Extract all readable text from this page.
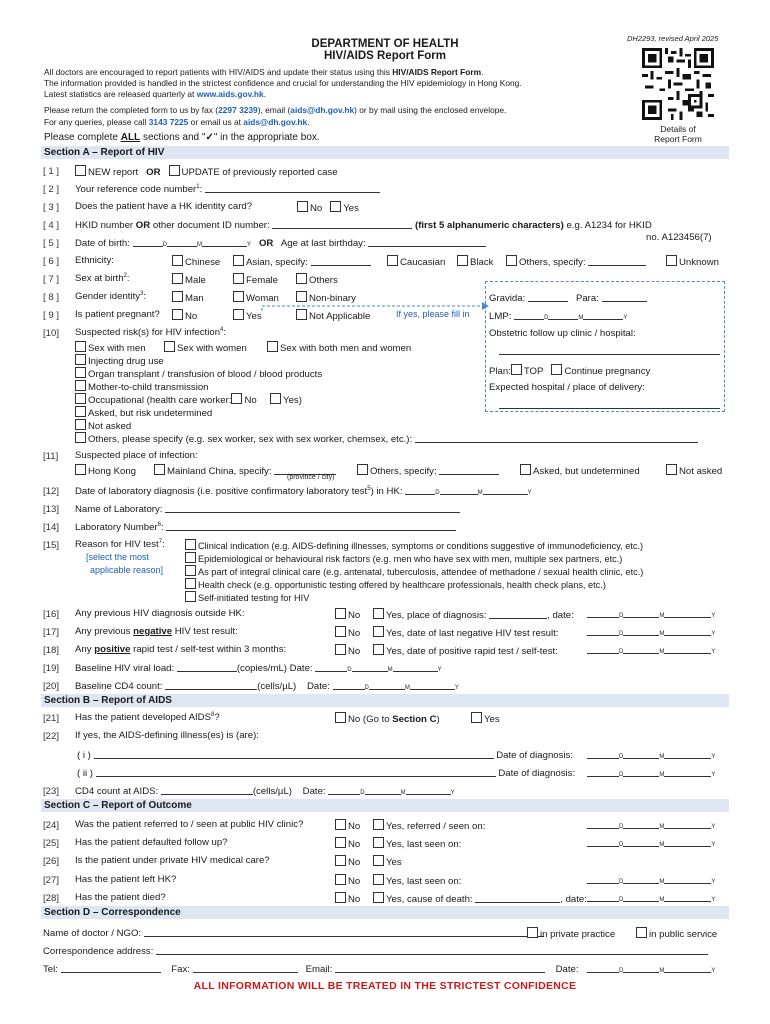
DH2293, revised April 2025
DEPARTMENT OF HEALTH
HIV/AIDS Report Form
All doctors are encouraged to report patients with HIV/AIDS and update their status using this HIV/AIDS Report Form.
The information provided is handled in the strictest confidence and crucial for understanding the HIV epidemiology in Hong Kong.
Latest statistics are released quarterly at www.aids.gov.hk.
Please return the completed form to us by fax (2297 3239), email (aids@dh.gov.hk) or by mail using the enclosed envelope.
For any queries, please call 3143 7225 or email us at aids@dh.gov.hk.
Please complete ALL sections and "✓" in the appropriate box.
Details of
Report Form
Section A – Report of HIV
[ 1 ]	NEW report OR UPDATE of previously reported case
[ 2 ] Your reference code number$^1$:
[ 3 ] Does the patient have a HK identity card?	No Yes
[ 4 ] HKID number OR other document ID number:	(first 5 alphanumeric characters) e.g. A1234 for HKID
no. A123456(7)
[ 5 ] Date of birth:	D	M	Y OR Age at last birthday:
[ 6 ] Ethnicity:	Chinese	Asian, specify:	Caucasian	Black	Others, specify:	Unknown
[ 7 ] Sex at birth$^2$:	Male	Female	Others
[ 8 ] Gender identity$^3$:	Man	Woman	Non-binary
[ 9 ] Is patient pregnant?	No	Yes	Not Applicable	If yes, please fill in
Gravida:	Para:
LMP:	D	M	Y
Obstetric follow up clinic / hospital:
Plan: TOP Continue pregnancy
Expected hospital / place of delivery:
[10] Suspected risk(s) for HIV infection$^4$:
Sex with men	Sex with women	Sex with both men and women
Injecting drug use
Organ transplant / transfusion of blood / blood products
Mother-to-child transmission
Occupational (health care worker: No	Yes)
Asked, but risk undetermined
Not asked
Others, please specify (e.g. sex worker, sex with sex worker, chemsex, etc.):
[11] Suspected place of infection:
Hong Kong	Mainland China, specify:
(province / city)
Others, specify:	Asked, but undetermined	Not asked
[12] Date of laboratory diagnosis (i.e. positive confirmatory laboratory test$^5$) in HK:	D	M	Y
[13] Name of Laboratory:
[14] Laboratory Number$^6$:
[15] Reason for HIV test$^7$:
[select the most
applicable reason]
Clinical indication (e.g. AIDS-defining illnesses, symptoms or conditions suggestive of immunodeficiency, etc.)
Epidemiological or behavioural risk factors (e.g. men who have sex with men, multiple sex partners, etc.)
As part of integral clinical care (e.g. antenatal, tuberculosis, attendee of methadone / sexual health clinic, etc.)
Health check (e.g. opportunistic testing offered by healthcare professionals, health check plans, etc.)
Self-initiated testing for HIV
[16] Any previous HIV diagnosis outside HK:	No	Yes, place of diagnosis:	, date:	D	M	Y
[17] Any previous negative HIV test result:	No	Yes, date of last negative HIV test result:	D	M	Y
[18] Any positive rapid test / self-test within 3 months:	No	Yes, date of positive rapid test / self-test:	D	M	Y
[19] Baseline HIV viral load:	(copies/mL) Date:	D	M	Y
[20] Baseline CD4 count:	(cells/µL) Date:	D	M	Y
Section B – Report of AIDS
[21] Has the patient developed AIDS$^8$?	No (Go to Section C)	Yes
[22] If yes, the AIDS-defining illness(es) is (are):
( i )	Date of diagnosis:	D	M	Y
( ii )	Date of diagnosis:	D	M	Y
[23] CD4 count at AIDS:	(cells/µL) Date:	D	M	Y
Section C – Report of Outcome
[24] Was the patient referred to / seen at public HIV clinic?	No	Yes, referred / seen on:	D	M	Y
[25] Has the patient defaulted follow up?	No	Yes, last seen on:	D	M	Y
[26] Is the patient under private HIV medical care?	No	Yes
[27] Has the patient left HK?	No	Yes, last seen on:	D	M	Y
[28] Has the patient died?	No	Yes, cause of death:	, date:	D	M	Y
Section D – Correspondence
Name of doctor / NGO:	in private practice	in public service
Correspondence address:
Tel:	Fax:	Email:	Date:	D	M	Y
ALL INFORMATION WILL BE TREATED IN THE STRICTEST CONFIDENCE
